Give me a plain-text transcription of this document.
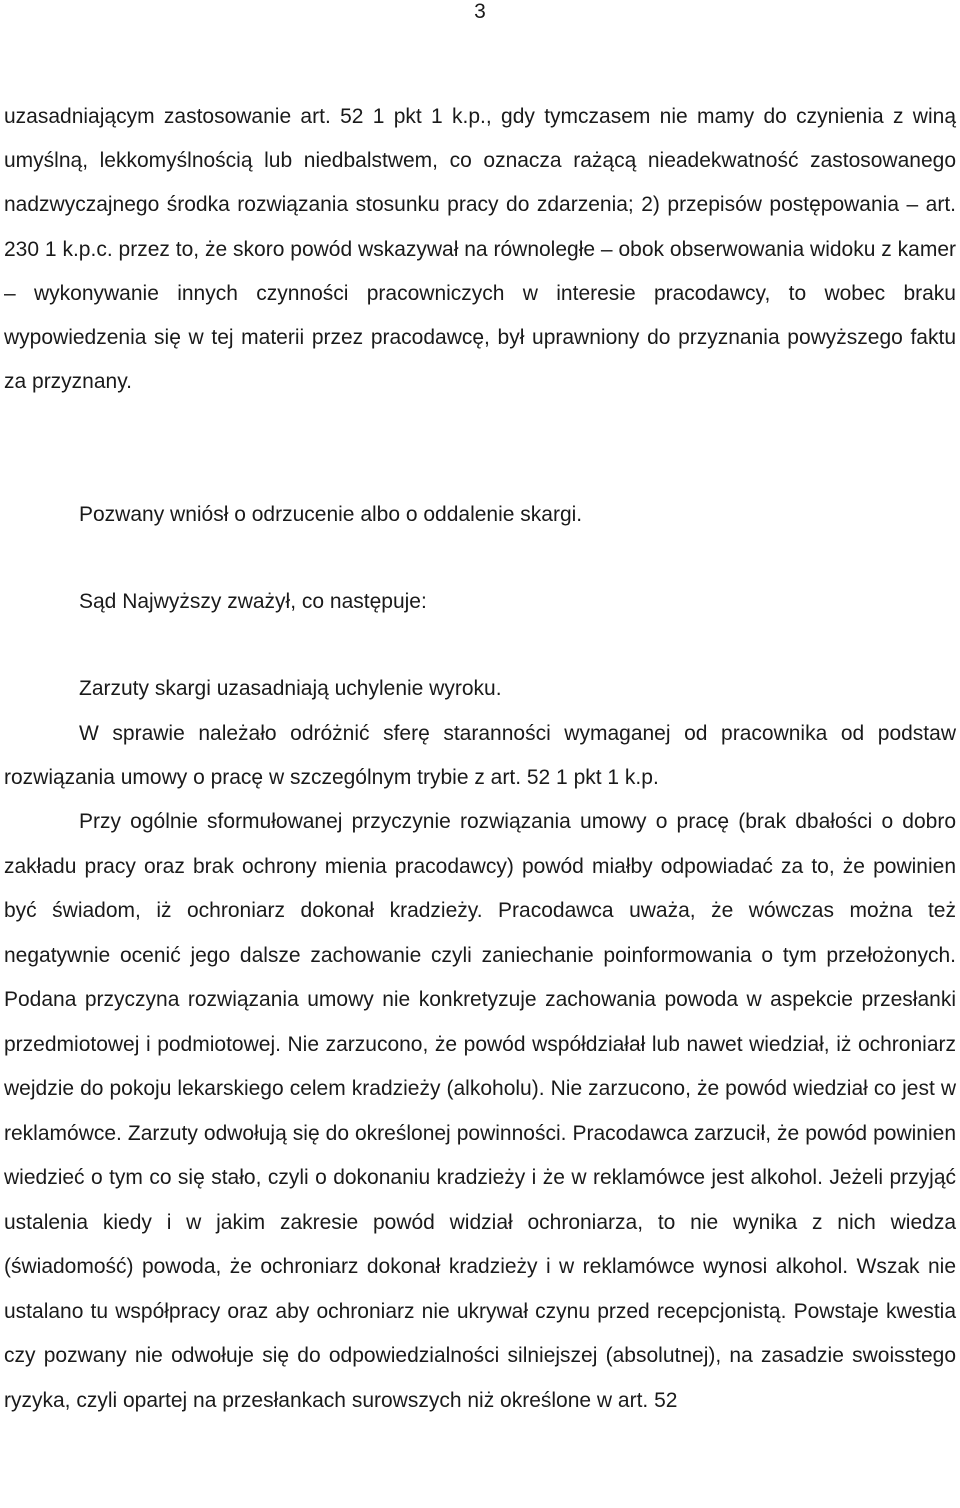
3

uzasadniającym zastosowanie art. 52 1 pkt 1 k.p., gdy tymczasem nie mamy do czynienia z winą umyślną, lekkomyślnością lub niedbalstwem, co oznacza rażącą nieadekwatność zastosowanego nadzwyczajnego środka rozwiązania stosunku pracy do zdarzenia; 2) przepisów postępowania – art. 230 1 k.p.c. przez to, że skoro powód wskazywał na równoległe – obok obserwowania widoku z kamer – wykonywanie innych czynności pracowniczych w interesie pracodawcy, to wobec braku wypowiedzenia się w tej materii przez pracodawcę, był uprawniony do przyznania powyższego faktu za przyznany.

Pozwany wniósł o odrzucenie albo o oddalenie skargi.

Sąd Najwyższy zważył, co następuje:

Zarzuty skargi uzasadniają uchylenie wyroku.

W sprawie należało odróżnić sferę staranności wymaganej od pracownika od podstaw rozwiązania umowy o pracę w szczególnym trybie z art. 52 1 pkt 1 k.p.

Przy ogólnie sformułowanej przyczynie rozwiązania umowy o pracę (brak dbałości o dobro zakładu pracy oraz brak ochrony mienia pracodawcy) powód miałby odpowiadać za to, że powinien być świadom, iż ochroniarz dokonał kradzieży. Pracodawca uważa, że wówczas można też negatywnie ocenić jego dalsze zachowanie czyli zaniechanie poinformowania o tym przełożonych. Podana przyczyna rozwiązania umowy nie konkretyzuje zachowania powoda w aspekcie przesłanki przedmiotowej i podmiotowej. Nie zarzucono, że powód współdziałał lub nawet wiedział, iż ochroniarz wejdzie do pokoju lekarskiego celem kradzieży (alkoholu). Nie zarzucono, że powód wiedział co jest w reklamówce. Zarzuty odwołują się do określonej powinności. Pracodawca zarzucił, że powód powinien wiedzieć o tym co się stało, czyli o dokonaniu kradzieży i że w reklamówce jest alkohol. Jeżeli przyjąć ustalenia kiedy i w jakim zakresie powód widział ochroniarza, to nie wynika z nich wiedza (świadomość) powoda, że ochroniarz dokonał kradzieży i w reklamówce wynosi alkohol. Wszak nie ustalano tu współpracy oraz aby ochroniarz nie ukrywał czynu przed recepcjonistą. Powstaje kwestia czy pozwany nie odwołuje się do odpowiedzialności silniejszej (absolutnej), na zasadzie swoisstego ryzyka, czyli opartej na przesłankach surowszych niż określone w art. 52
